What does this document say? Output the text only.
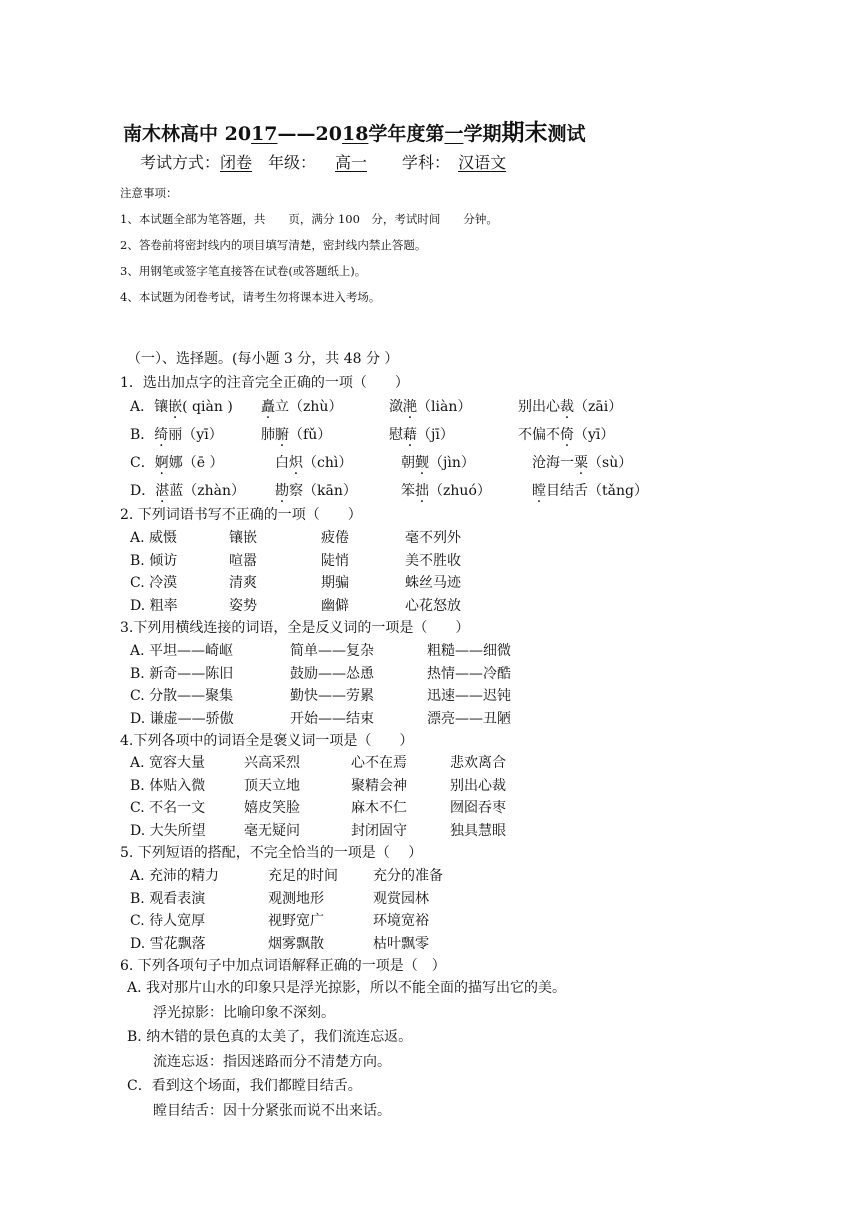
南木林高中 2017——2018学年度第一学期期末测试
考试方式：闭卷 年级： 高一 学科： 汉语文
注意事项：
1、本试题全部为笔答题，共　　页，满分 100　分，考试时间　　分钟。
2、答卷前将密封线内的项目填写清楚，密封线内禁止答题。
3、用钢笔或签字笔直接答在试卷(或答题纸上)。
4、本试题为闭卷考试，请考生勿将课本进入考场。
（一）、选择题。(每小题 3 分，共 48 分 ）
1．选出加点字的注音完全正确的一项（　　）
A．镶嵌( qiàn ) 矗立（zhù）	潋滟（liàn）	别出心裁（zāi）
B．绮丽（yī）	肺腑（fǔ）	慰藉（jī）	不偏不倚（yī）
C．婀娜（ē ）	白炽（chì）	朝觐（jìn）	沧海一粟（sù）
D．湛蓝（zhàn） 勘察（kān）	笨拙（zhuó）	瞠目结舌（tǎng）
2. 下列词语书写不正确的一项（　　）
A. 威慑	镶嵌	疲倦	毫不列外
B. 倾访	喧嚣	陡悄	美不胜收
C. 冷漠	清爽	期骗	蛛丝马迹
D. 粗率	姿势	幽僻	心花怒放
3.下列用横线连接的词语，全是反义词的一项是（　　）
A. 平坦——崎岖	简单——复杂	粗糙——细微
B. 新奇——陈旧	鼓励——怂恿	热情——冷酷
C. 分散——聚集	勤快——劳累	迅速——迟钝
D. 谦虚——骄傲	开始——结束	漂亮——丑陋
4.下列各项中的词语全是褒义词一项是（　　）
A. 宽容大量	兴高采烈	心不在焉	悲欢离合
B. 体贴入微	顶天立地	聚精会神	别出心裁
C. 不名一文	嬉皮笑脸	麻木不仁	囫囵吞枣
D. 大失所望	毫无疑问	封闭固守	独具慧眼
5. 下列短语的搭配，不完全恰当的一项是（　 ）
A. 充沛的精力	充足的时间	充分的准备
B. 观看表演	观测地形	观赏园林
C. 待人宽厚	视野宽广	环境宽裕
D. 雪花飘落	烟雾飘散	枯叶飘零
6. 下列各项句子中加点词语解释正确的一项是（　）
A. 我对那片山水的印象只是浮光掠影，所以不能全面的描写出它的美。
浮光掠影：比喻印象不深刻。
B. 纳木错的景色真的太美了，我们流连忘返。
流连忘返：指因迷路而分不清楚方向。
C．看到这个场面，我们都瞠目结舌。
瞠目结舌：因十分紧张而说不出来话。
